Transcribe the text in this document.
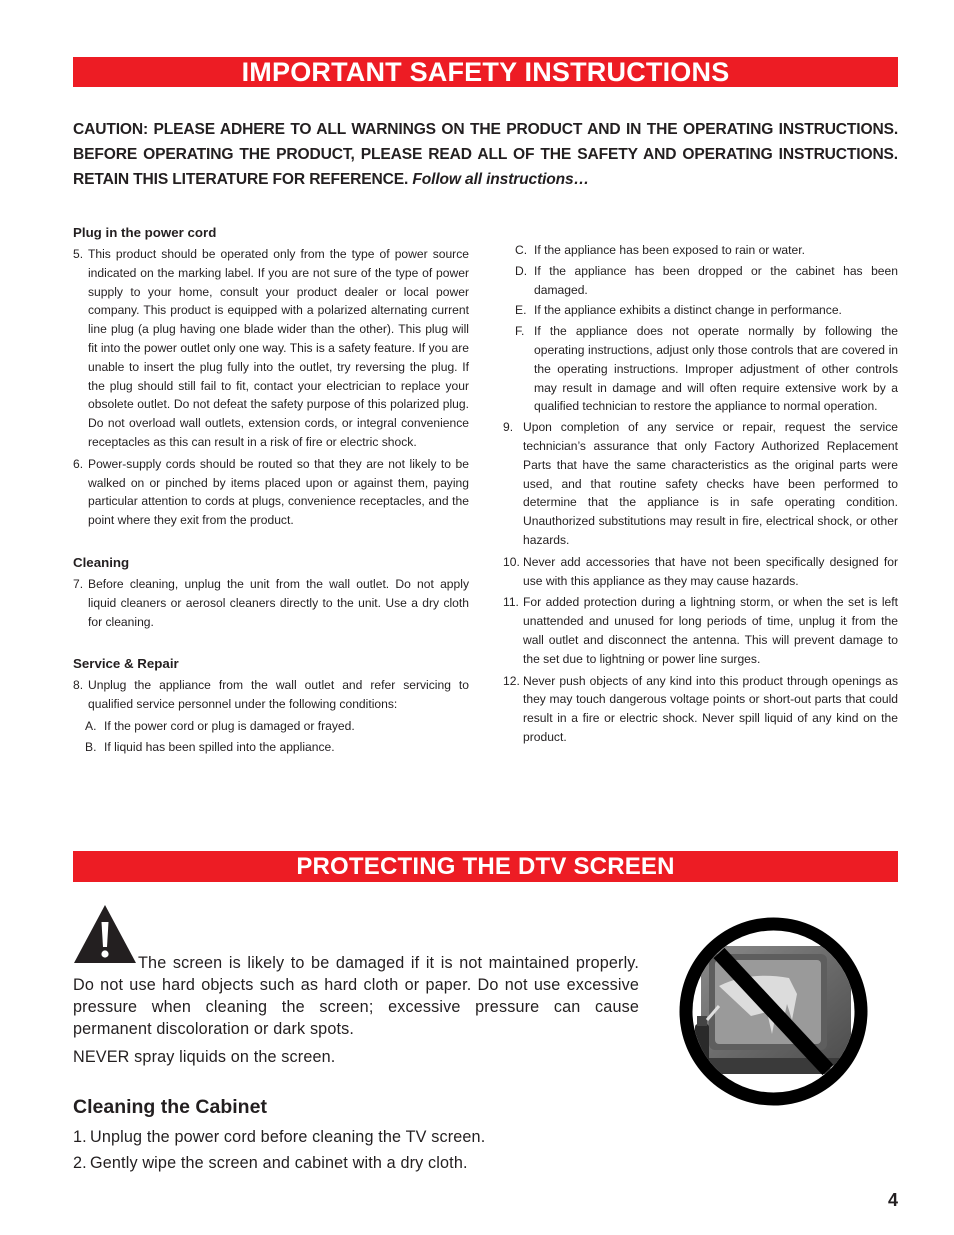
IMPORTANT SAFETY INSTRUCTIONS
CAUTION: PLEASE ADHERE TO ALL WARNINGS ON THE PRODUCT AND IN THE OPERATING INSTRUCTIONS. BEFORE OPERATING THE PRODUCT, PLEASE READ ALL OF THE SAFETY AND OPERATING INSTRUCTIONS. RETAIN THIS LITERATURE FOR REFERENCE. Follow all instructions…
Plug in the power cord
5. This product should be operated only from the type of power source indicated on the marking label. If you are not sure of the type of power supply to your home, consult your product dealer or local power company. This product is equipped with a polarized alternating current line plug (a plug having one blade wider than the other). This plug will fit into the power outlet only one way. This is a safety feature. If you are unable to insert the plug fully into the outlet, try reversing the plug. If the plug should still fail to fit, contact your electrician to replace your obsolete outlet. Do not defeat the safety purpose of this polarized plug. Do not overload wall outlets, extension cords, or integral convenience receptacles as this can result in a risk of fire or electric shock.
6. Power-supply cords should be routed so that they are not likely to be walked on or pinched by items placed upon or against them, paying particular attention to cords at plugs, convenience receptacles, and the point where they exit from the product.
Cleaning
7. Before cleaning, unplug the unit from the wall outlet. Do not apply liquid cleaners or aerosol cleaners directly to the unit. Use a dry cloth for cleaning.
Service & Repair
8. Unplug the appliance from the wall outlet and refer servicing to qualified service personnel under the following conditions:
A. If the power cord or plug is damaged or frayed.
B. If liquid has been spilled into the appliance.
C. If the appliance has been exposed to rain or water.
D. If the appliance has been dropped or the cabinet has been damaged.
E. If the appliance exhibits a distinct change in performance.
F. If the appliance does not operate normally by following the operating instructions, adjust only those controls that are covered in the operating instructions. Improper adjustment of other controls may result in damage and will often require extensive work by a qualified technician to restore the appliance to normal operation.
9. Upon completion of any service or repair, request the service technician’s assurance that only Factory Authorized Replacement Parts that have the same characteristics as the original parts were used, and that routine safety checks have been performed to determine that the appliance is in safe operating condition. Unauthorized substitutions may result in fire, electrical shock, or other hazards.
10. Never add accessories that have not been specifically designed for use with this appliance as they may cause hazards.
11. For added protection during a lightning storm, or when the set is left unattended and unused for long periods of time, unplug it from the wall outlet and disconnect the antenna. This will prevent damage to the set due to lightning or power line surges.
12. Never push objects of any kind into this product through openings as they may touch dangerous voltage points or short-out parts that could result in a fire or electric shock. Never spill liquid of any kind on the product.
PROTECTING THE DTV SCREEN
The screen is likely to be damaged if it is not maintained properly. Do not use hard objects such as hard cloth or paper. Do not use excessive pressure when cleaning the screen; excessive pressure can cause permanent discoloration or dark spots.
NEVER spray liquids on the screen.
Cleaning the Cabinet
1. Unplug the power cord before cleaning the TV screen.
2. Gently wipe the screen and cabinet with a dry cloth.
4
